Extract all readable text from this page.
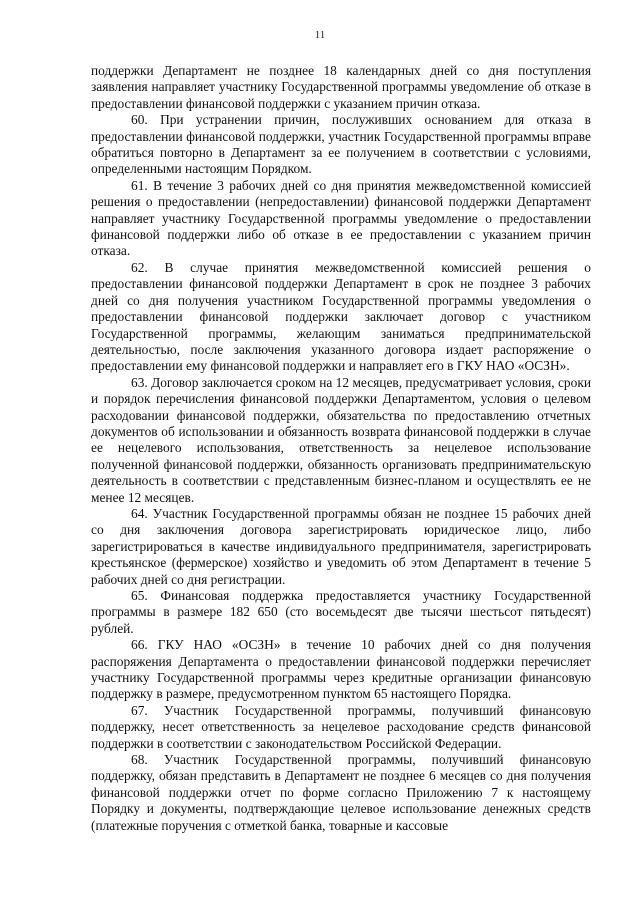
11

поддержки Департамент не позднее 18 календарных дней со дня поступления заявления направляет участнику Государственной программы уведомление об отказе в предоставлении финансовой поддержки с указанием причин отказа.

60. При устранении причин, послуживших основанием для отказа в предоставлении финансовой поддержки, участник Государственной программы вправе обратиться повторно в Департамент за ее получением в соответствии с условиями, определенными настоящим Порядком.

61. В течение 3 рабочих дней со дня принятия межведомственной комиссией решения о предоставлении (непредоставлении) финансовой поддержки Департамент направляет участнику Государственной программы уведомление о предоставлении финансовой поддержки либо об отказе в ее предоставлении с указанием причин отказа.

62. В случае принятия межведомственной комиссией решения о предоставлении финансовой поддержки Департамент в срок не позднее 3 рабочих дней со дня получения участником Государственной программы уведомления о предоставлении финансовой поддержки заключает договор с участником Государственной программы, желающим заниматься предпринимательской деятельностью, после заключения указанного договора издает распоряжение о предоставлении ему финансовой поддержки и направляет его в ГКУ НАО «ОСЗН».

63. Договор заключается сроком на 12 месяцев, предусматривает условия, сроки и порядок перечисления финансовой поддержки Департаментом, условия о целевом расходовании финансовой поддержки, обязательства по предоставлению отчетных документов об использовании и обязанность возврата финансовой поддержки в случае ее нецелевого использования, ответственность за нецелевое использование полученной финансовой поддержки, обязанность организовать предпринимательскую деятельность в соответствии с представленным бизнес-планом и осуществлять ее не менее 12 месяцев.

64. Участник Государственной программы обязан не позднее 15 рабочих дней со дня заключения договора зарегистрировать юридическое лицо, либо зарегистрироваться в качестве индивидуального предпринимателя, зарегистрировать крестьянское (фермерское) хозяйство и уведомить об этом Департамент в течение 5 рабочих дней со дня регистрации.

65. Финансовая поддержка предоставляется участнику Государственной программы в размере 182 650 (сто восемьдесят две тысячи шестьсот пятьдесят) рублей.

66. ГКУ НАО «ОСЗН» в течение 10 рабочих дней со дня получения распоряжения Департамента о предоставлении финансовой поддержки перечисляет участнику Государственной программы через кредитные организации финансовую поддержку в размере, предусмотренном пунктом 65 настоящего Порядка.

67. Участник Государственной программы, получивший финансовую поддержку, несет ответственность за нецелевое расходование средств финансовой поддержки в соответствии с законодательством Российской Федерации.

68. Участник Государственной программы, получивший финансовую поддержку, обязан представить в Департамент не позднее 6 месяцев со дня получения финансовой поддержки отчет по форме согласно Приложению 7 к настоящему Порядку и документы, подтверждающие целевое использование денежных средств (платежные поручения с отметкой банка, товарные и кассовые
